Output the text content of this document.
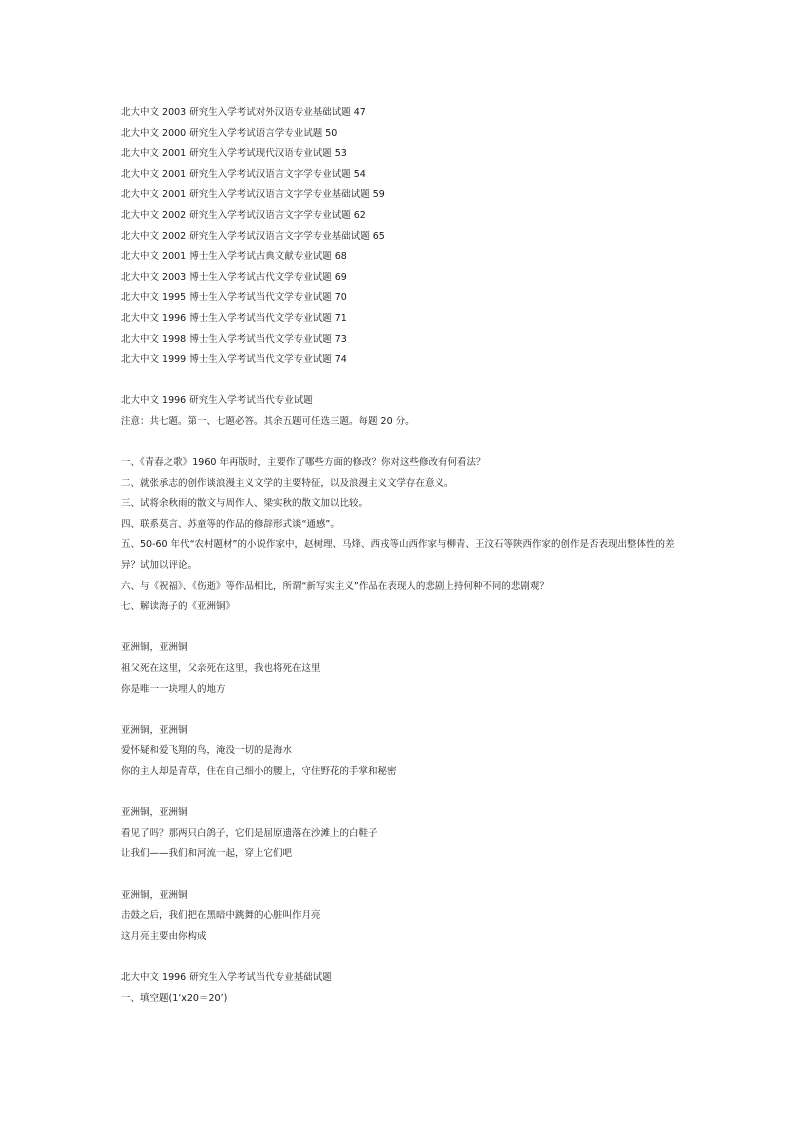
北大中文 2003 研究生入学考试对外汉语专业基础试题 47
北大中文 2000 研究生入学考试语言学专业试题 50
北大中文 2001 研究生入学考试现代汉语专业试题 53
北大中文 2001 研究生入学考试汉语言文字学专业试题 54
北大中文 2001 研究生入学考试汉语言文字学专业基础试题 59
北大中文 2002 研究生入学考试汉语言文字学专业试题 62
北大中文 2002 研究生入学考试汉语言文字学专业基础试题 65
北大中文 2001 博士生入学考试古典文献专业试题 68
北大中文 2003 博士生入学考试古代文学专业试题 69
北大中文 1995 博士生入学考试当代文学专业试题 70
北大中文 1996 博士生入学考试当代文学专业试题 71
北大中文 1998 博士生入学考试当代文学专业试题 73
北大中文 1999 博士生入学考试当代文学专业试题 74
北大中文 1996 研究生入学考试当代专业试题
注意：共七题。第一、七题必答。其余五题可任选三题。每题 20 分。
一、《青春之歌》1960 年再版时，主要作了哪些方面的修改？你对这些修改有何看法？
二、就张承志的创作谈浪漫主义文学的主要特征，以及浪漫主义文学存在意义。
三、试将余秋雨的散文与周作人、梁实秋的散文加以比较。
四、联系莫言、苏童等的作品的修辞形式谈“通感”。
五、50-60 年代“农村题材”的小说作家中，赵树理、马烽、西戎等山西作家与柳青、王汶石等陕西作家的创作是否表现出整体性的差异？试加以评论。
六、与《祝福》、《伤逝》等作品相比，所谓“新写实主义”作品在表现人的悲剧上持何种不同的悲剧观？
七、解读海子的《亚洲铜》
亚洲铜，亚洲铜
祖父死在这里，父亲死在这里，我也将死在这里
你是唯一一块埋人的地方
亚洲铜，亚洲铜
爱怀疑和爱飞翔的鸟，淹没一切的是海水
你的主人却是青草，住在自己细小的腰上，守住野花的手掌和秘密
亚洲铜，亚洲铜
看见了吗？那两只白鸽子，它们是屈原遗落在沙滩上的白鞋子
让我们——我们和河流一起，穿上它们吧
亚洲铜，亚洲铜
击鼓之后，我们把在黑暗中跳舞的心脏叫作月亮
这月亮主要由你构成
北大中文 1996 研究生入学考试当代专业基础试题
一、填空题(1’x20＝20’)
